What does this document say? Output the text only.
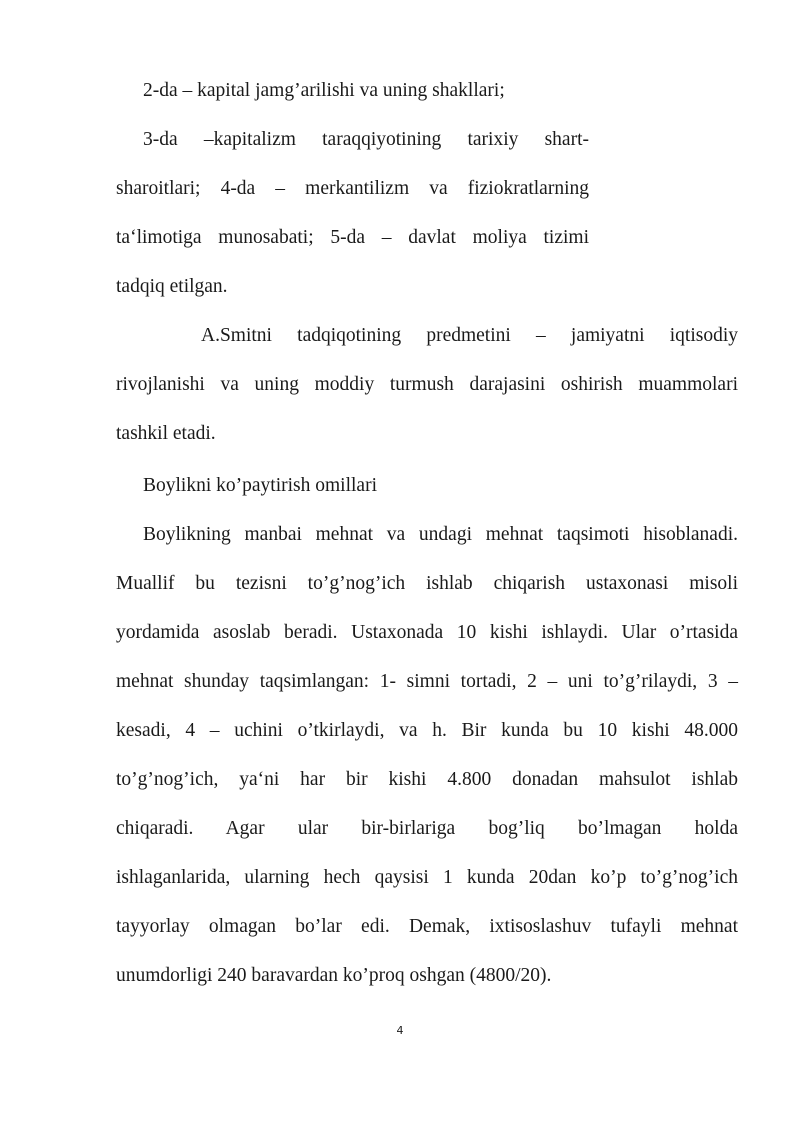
2-da – kapital jamg’arilishi va uning shakllari;

3-da –kapitalizm taraqqiyotining tarixiy shart-

sharoitlari; 4-da – merkantilizm va fiziokratlarning

ta‘limotiga munosabati; 5-da – davlat moliya tizimi

tadqiq etilgan.

A.Smitni tadqiqotining predmetini – jamiyatni iqtisodiy

rivojlanishi va uning moddiy turmush darajasini oshirish muammolari

tashkil etadi.

Boylikni ko’paytirish omillari

Boylikning manbai mehnat va undagi mehnat taqsimoti hisoblanadi.

Muallif bu tezisni to’g’nog’ich ishlab chiqarish ustaxonasi misoli

yordamida asoslab beradi. Ustaxonada 10 kishi ishlaydi. Ular o’rtasida

mehnat shunday taqsimlangan: 1- simni tortadi, 2 – uni to’g’rilaydi, 3 –

kesadi, 4 – uchini o’tkirlaydi, va h. Bir kunda bu 10 kishi 48.000

to’g’nog’ich, ya‘ni har bir kishi 4.800 donadan mahsulot ishlab

chiqaradi. Agar ular bir-birlariga bog’liq bo’lmagan holda

ishlaganlarida, ularning hech qaysisi 1 kunda 20dan ko’p to’g’nog’ich

tayyorlay olmagan bo’lar edi. Demak, ixtisoslashuv tufayli mehnat

unumdorligi 240 baravardan ko’proq oshgan (4800/20).

4
